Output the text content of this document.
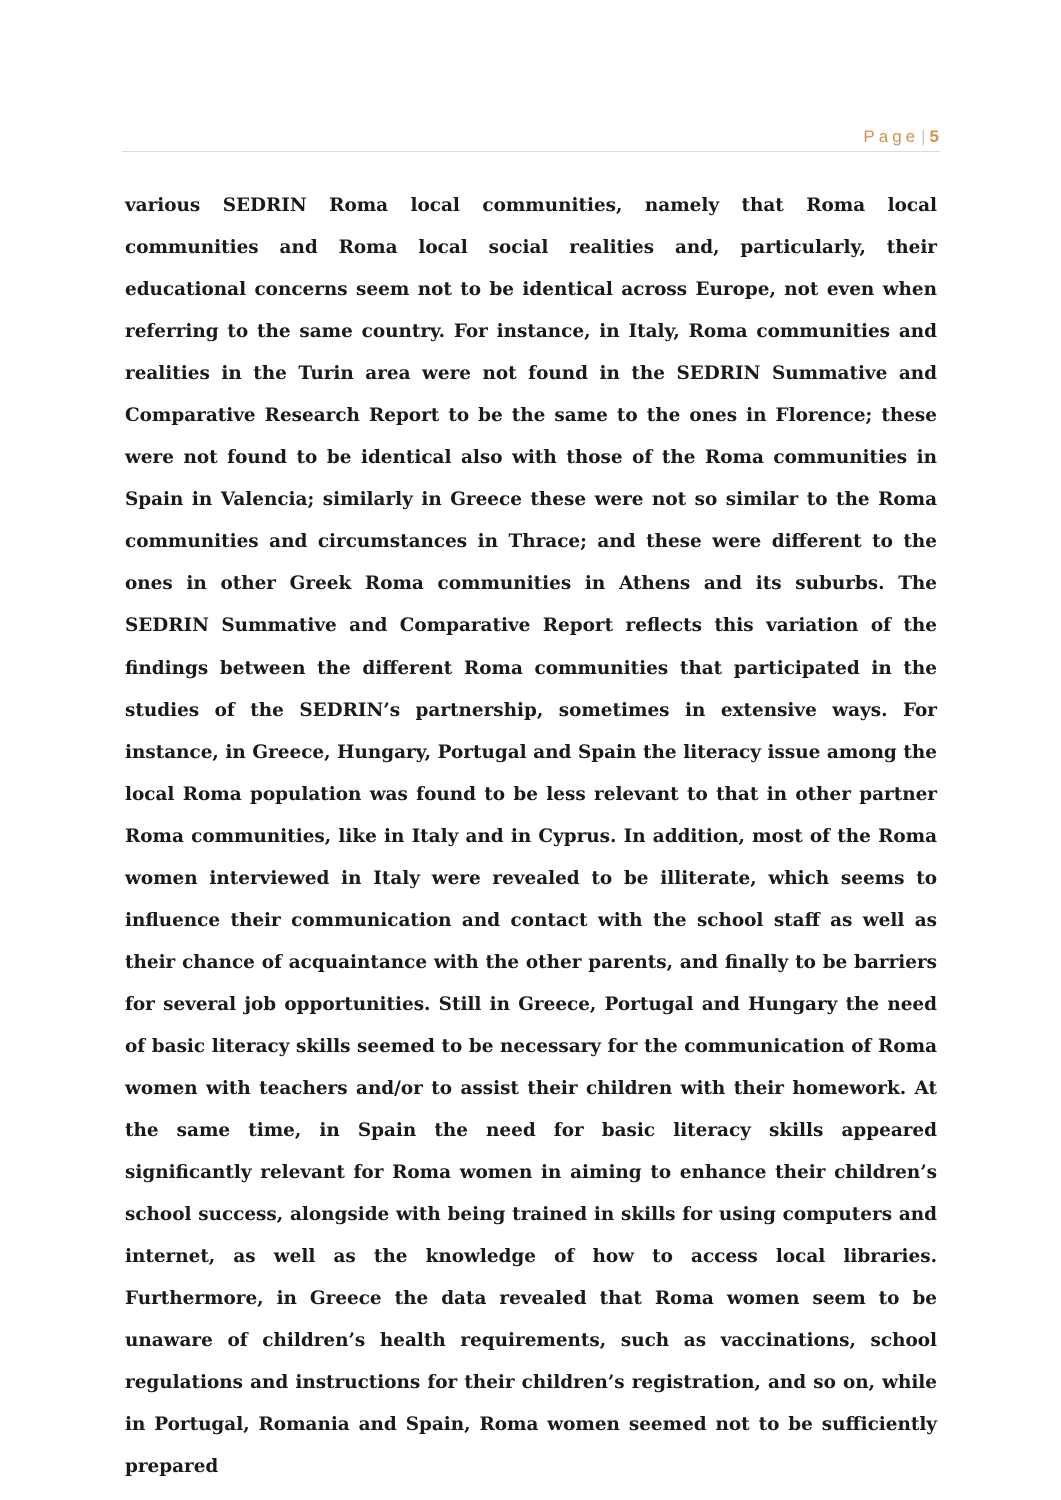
Page | 5

various SEDRIN Roma local communities, namely that Roma local communities and Roma local social realities and, particularly, their educational concerns seem not to be identical across Europe, not even when referring to the same country. For instance, in Italy, Roma communities and realities in the Turin area were not found in the SEDRIN Summative and Comparative Research Report to be the same to the ones in Florence; these were not found to be identical also with those of the Roma communities in Spain in Valencia; similarly in Greece these were not so similar to the Roma communities and circumstances in Thrace; and these were different to the ones in other Greek Roma communities in Athens and its suburbs. The SEDRIN Summative and Comparative Report reflects this variation of the findings between the different Roma communities that participated in the studies of the SEDRIN’s partnership, sometimes in extensive ways. For instance, in Greece, Hungary, Portugal and Spain the literacy issue among the local Roma population was found to be less relevant to that in other partner Roma communities, like in Italy and in Cyprus. In addition, most of the Roma women interviewed in Italy were revealed to be illiterate, which seems to influence their communication and contact with the school staff as well as their chance of acquaintance with the other parents, and finally to be barriers for several job opportunities. Still in Greece, Portugal and Hungary the need of basic literacy skills seemed to be necessary for the communication of Roma women with teachers and/or to assist their children with their homework. At the same time, in Spain the need for basic literacy skills appeared significantly relevant for Roma women in aiming to enhance their children’s school success, alongside with being trained in skills for using computers and internet, as well as the knowledge of how to access local libraries. Furthermore, in Greece the data revealed that Roma women seem to be unaware of children’s health requirements, such as vaccinations, school regulations and instructions for their children’s registration, and so on, while in Portugal, Romania and Spain, Roma women seemed not to be sufficiently prepared
